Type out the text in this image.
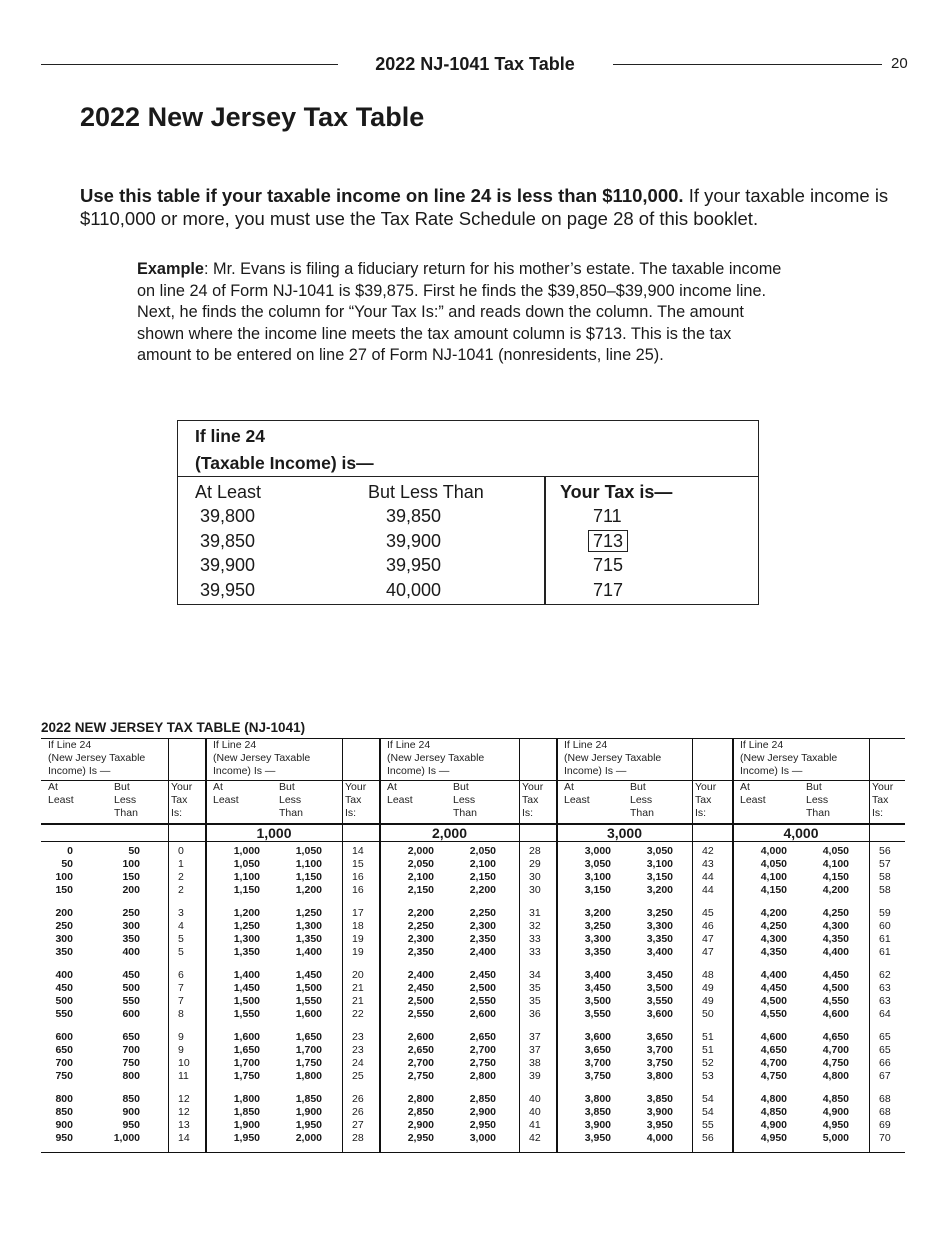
2022 NJ-1041 Tax Table	20
2022 New Jersey Tax Table

Use this table if your taxable income on line 24 is less than $110,000. If your taxable income is $110,000 or more, you must use the Tax Rate Schedule on page 28 of this booklet.

Example: Mr. Evans is filing a fiduciary return for his mother’s estate. The taxable income on line 24 of Form NJ-1041 is $39,875. First he finds the $39,850–$39,900 income line. Next, he finds the column for “Your Tax Is:” and reads down the column. The amount shown where the income line meets the tax amount column is $713. This is the tax amount to be entered on line 27 of Form NJ-1041 (nonresidents, line 25).

If line 24
(Taxable Income) is—
At Least	But Less Than	Your Tax is—
39,800	39,850	711
39,850	39,900	713
39,900	39,950	715
39,950	40,000	717
2022 NEW JERSEY TAX TABLE (NJ-1041)
If Line 24
(New Jersey Taxable
Income) Is —
At
Least
But
Less
Than
Your
Tax
Is:
0	50	0
50	100	1
100	150	2
150	200	2
200	250	3
250	300	4
300	350	5
350	400	5
400	450	6
450	500	7
500	550	7
550	600	8
600	650	9
650	700	9
700	750	10
750	800	11
800	850	12
850	900	12
900	950	13
950	1,000	14
If Line 24
(New Jersey Taxable
Income) Is —
At
Least
But
Less
Than
Your
Tax
Is:
1,000
1,000	1,050	14
1,050	1,100	15
1,100	1,150	16
1,150	1,200	16
1,200	1,250	17
1,250	1,300	18
1,300	1,350	19
1,350	1,400	19
1,400	1,450	20
1,450	1,500	21
1,500	1,550	21
1,550	1,600	22
1,600	1,650	23
1,650	1,700	23
1,700	1,750	24
1,750	1,800	25
1,800	1,850	26
1,850	1,900	26
1,900	1,950	27
1,950	2,000	28
If Line 24
(New Jersey Taxable
Income) Is —
At
Least
But
Less
Than
Your
Tax
Is:
2,000
2,000	2,050	28
2,050	2,100	29
2,100	2,150	30
2,150	2,200	30
2,200	2,250	31
2,250	2,300	32
2,300	2,350	33
2,350	2,400	33
2,400	2,450	34
2,450	2,500	35
2,500	2,550	35
2,550	2,600	36
2,600	2,650	37
2,650	2,700	37
2,700	2,750	38
2,750	2,800	39
2,800	2,850	40
2,850	2,900	40
2,900	2,950	41
2,950	3,000	42
If Line 24
(New Jersey Taxable
Income) Is —
At
Least
But
Less
Than
Your
Tax
Is:
3,000
3,000	3,050	42
3,050	3,100	43
3,100	3,150	44
3,150	3,200	44
3,200	3,250	45
3,250	3,300	46
3,300	3,350	47
3,350	3,400	47
3,400	3,450	48
3,450	3,500	49
3,500	3,550	49
3,550	3,600	50
3,600	3,650	51
3,650	3,700	51
3,700	3,750	52
3,750	3,800	53
3,800	3,850	54
3,850	3,900	54
3,900	3,950	55
3,950	4,000	56
If Line 24
(New Jersey Taxable
Income) Is —
At
Least
But
Less
Than
Your
Tax
Is:
4,000
4,000	4,050	56
4,050	4,100	57
4,100	4,150	58
4,150	4,200	58
4,200	4,250	59
4,250	4,300	60
4,300	4,350	61
4,350	4,400	61
4,400	4,450	62
4,450	4,500	63
4,500	4,550	63
4,550	4,600	64
4,600	4,650	65
4,650	4,700	65
4,700	4,750	66
4,750	4,800	67
4,800	4,850	68
4,850	4,900	68
4,900	4,950	69
4,950	5,000	70
